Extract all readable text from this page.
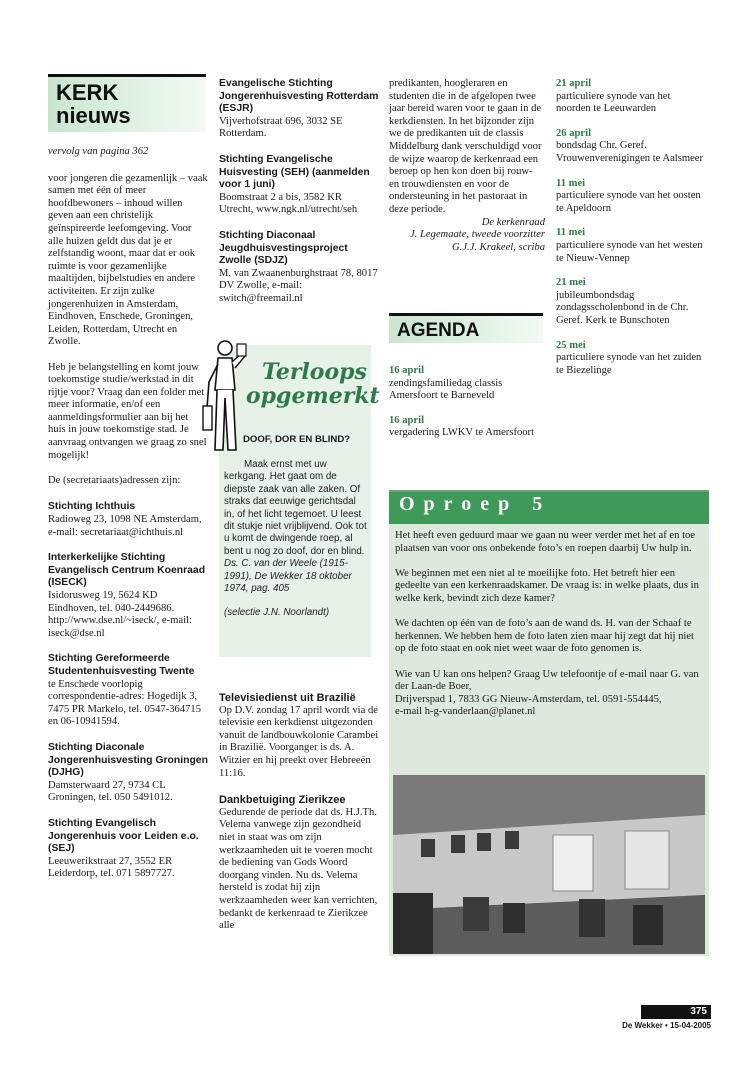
KERK
nieuws

vervolg van pagina 362

voor jongeren die gezamenlijk – vaak samen met één of meer hoofdbewoners – inhoud willen geven aan een christelijk geïnspireerde leefomgeving. Voor alle huizen geldt dus dat je er zelfstandig woont, maar dat er ook ruimte is voor gezamenlijke maaltijden, bijbelstudies en andere activiteiten. Er zijn zulke jongerenhuizen in Amsterdam, Eindhoven, Enschede, Groningen, Leiden, Rotterdam, Utrecht en Zwolle.

Heb je belangstelling en komt jouw toekomstige studie/werkstad in dit rijtje voor? Vraag dan een folder met meer informatie, en/of een aanmeldingsformulier aan bij het huis in jouw toekomstige stad. Je aanvraag ontvangen we graag zo snel mogelijk!

De (secretariaats)adressen zijn:

Stichting Ichthuis
Radioweg 23, 1098 NE Amsterdam, e-mail: secretariaat@ichthuis.nl
Interkerkelijke Stichting Evangelisch Centrum Koenraad (ISECK)
Isidorusweg 19, 5624 KD Eindhoven, tel. 040-2449686. http://www.dse.nl/~iseck/, e-mail: iseck@dse.nl
Stichting Gereformeerde Studentenhuisvesting Twente
te Enschede voorlopig correspondentie-adres: Hogedijk 3, 7475 PR Markelo, tel. 0547-364715 en 06-10941594.
Stichting Diaconale Jongerenhuisvesting Groningen (DJHG)
Damsterwaard 27, 9734 CL Groningen, tel. 050 5491012.
Stichting Evangelisch Jongerenhuis voor Leiden e.o. (SEJ)
Leeuwerikstraat 27, 3552 ER Leiderdorp, tel. 071 5897727.
Evangelische Stichting Jongerenhuisvesting Rotterdam (ESJR)
Vijverhofstraat 696, 3032 SE Rotterdam.
Stichting Evangelische Huisvesting (SEH) (aanmelden voor 1 juni)
Boomstraat 2 a bis, 3582 KR Utrecht, www.ngk.nl/utrecht/seh
Stichting Diaconaal Jeugdhuisvestingsproject Zwolle (SDJZ)
M. van Zwaanenburghstraat 78, 8017 DV Zwolle, e-mail: switch@freemail.nl
Terloops
opgemerkt
DOOF, DOR EN BLIND?
Maak ernst met uw kerkgang. Het gaat om de diepste zaak van alle zaken. Of straks dat eeuwige gerichtsdal in, of het licht tegemoet. U leest dit stukje niet vrijblijvend. Ook tot u komt de dwingende roep, al bent u nog zo doof, dor en blind.
Ds. C. van der Weele (1915-1991), De Wekker 18 oktober 1974, pag. 405
(selectie J.N. Noorlandt)
Televisiedienst uit Brazilië

Op D.V. zondag 17 april wordt via de televisie een kerkdienst uitgezonden vanuit de landbouwkolonie Carambei in Brazilië. Voorganger is ds. A. Witzier en hij preekt over Hebreeën 11:16.

Dankbetuiging Zierikzee

Gedurende de periode dat ds. H.J.Th. Velema vanwege zijn gezondheid niet in staat was om zijn werkzaamheden uit te voeren mocht de bediening van Gods Woord doorgang vinden. Nu ds. Velema hersteld is zodat hij zijn werkzaamheden weer kan verrichten, bedankt de kerkenraad te Zierikzee alle

predikanten, hoogleraren en studenten die in de afgelopen twee jaar bereid waren voor te gaan in de kerkdiensten. In het bijzonder zijn we de predikanten uit de classis Middelburg dank verschuldigd voor de wijze waarop de kerkenraad een beroep op hen kon doen bij rouw- en trouwdiensten en voor de ondersteuning in het pastoraat in deze periode.

De kerkenraad
J. Legemaate, tweede voorzitter
G.J.J. Krakeel, scriba
AGENDA
16 april
zendingsfamiliedag classis Amersfoort te Barneveld
16 april
vergadering LWKV te Amersfoort
21 april
particuliere synode van het noorden te Leeuwarden
26 april
bondsdag Chr. Geref. Vrouwenverenigingen te Aalsmeer
11 mei
particuliere synode van het oosten te Apeldoorn
11 mei
particuliere synode van het westen te Nieuw-Vennep
21 mei
jubileumbondsdag zondagsscholenbond in de Chr. Geref. Kerk te Bunschoten
25 mei
particuliere synode van het zuiden te Biezelinge
Oproep 5

Het heeft even geduurd maar we gaan nu weer verder met het af en toe plaatsen van voor ons onbekende foto’s en roepen daarbij Uw hulp in.

We beginnen met een niet al te moeilijke foto. Het betreft hier een gedeelte van een kerkenraadskamer. De vraag is: in welke plaats, dus in welke kerk, bevindt zich deze kamer?

We dachten op één van de foto’s aan de wand ds. H. van der Schaaf te herkennen. We hebben hem de foto laten zien maar hij zegt dat hij niet op de foto staat en ook niet weet waar de foto genomen is.

Wie van U kan ons helpen? Graag Uw telefoontje of e-mail naar G. van der Laan-de Boer,
Drijverspad 1, 7833 GG Nieuw-Amsterdam, tel. 0591-554445,
e-mail h-g-vanderlaan@planet.nl

375
De Wekker • 15-04-2005
